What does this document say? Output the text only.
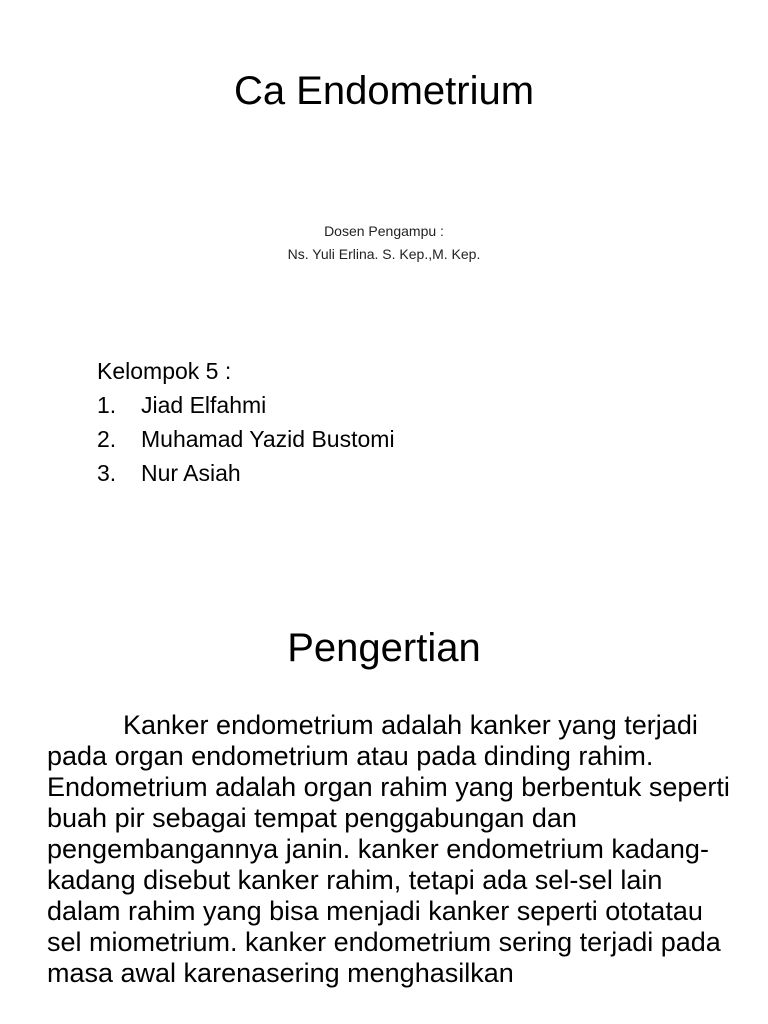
Ca Endometrium
Dosen Pengampu :
Ns. Yuli Erlina. S. Kep.,M. Kep.
Kelompok 5 :
1.	Jiad Elfahmi
2.	Muhamad Yazid Bustomi
3.	Nur Asiah
Pengertian

Kanker endometrium adalah kanker yang terjadi pada organ endometrium atau pada dinding rahim. Endometrium adalah organ rahim yang berbentuk seperti buah pir sebagai tempat penggabungan dan pengembangannya janin. kanker endometrium kadang-kadang disebut kanker rahim, tetapi ada sel-sel lain dalam rahim yang bisa menjadi kanker seperti ototatau sel miometrium. kanker endometrium sering terjadi pada masa awal karenasering menghasilkan
